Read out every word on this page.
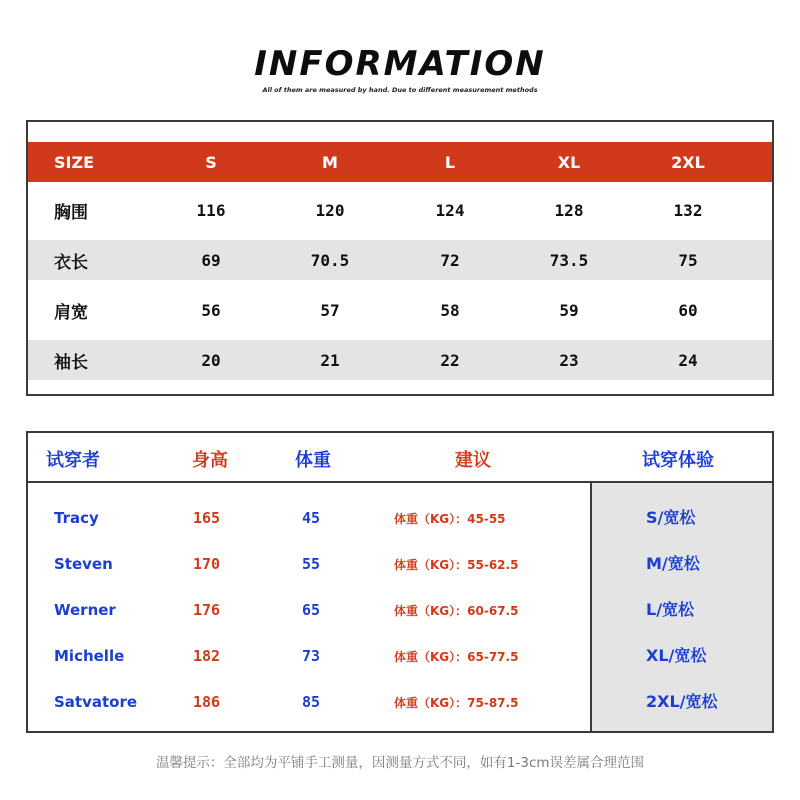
INFORMATION
All of them are measured by hand. Due to different measurement methods
SIZE	S	M	L	XL	2XL
胸围	116	120	124	128	132
衣长	69	70.5	72	73.5	75
肩宽	56	57	58	59	60
袖长	20	21	22	23	24
试穿者	身高	体重	建议	试穿体验
Tracy	165	45	体重（KG）：45-55	S/宽松
Steven	170	55	体重（KG）：55-62.5	M/宽松
Werner	176	65	体重（KG）：60-67.5	L/宽松
Michelle	182	73	体重（KG）：65-77.5	XL/宽松
Satvatore	186	85	体重（KG）：75-87.5	2XL/宽松
温馨提示：全部均为平铺手工测量，因测量方式不同，如有1-3cm误差属合理范围
